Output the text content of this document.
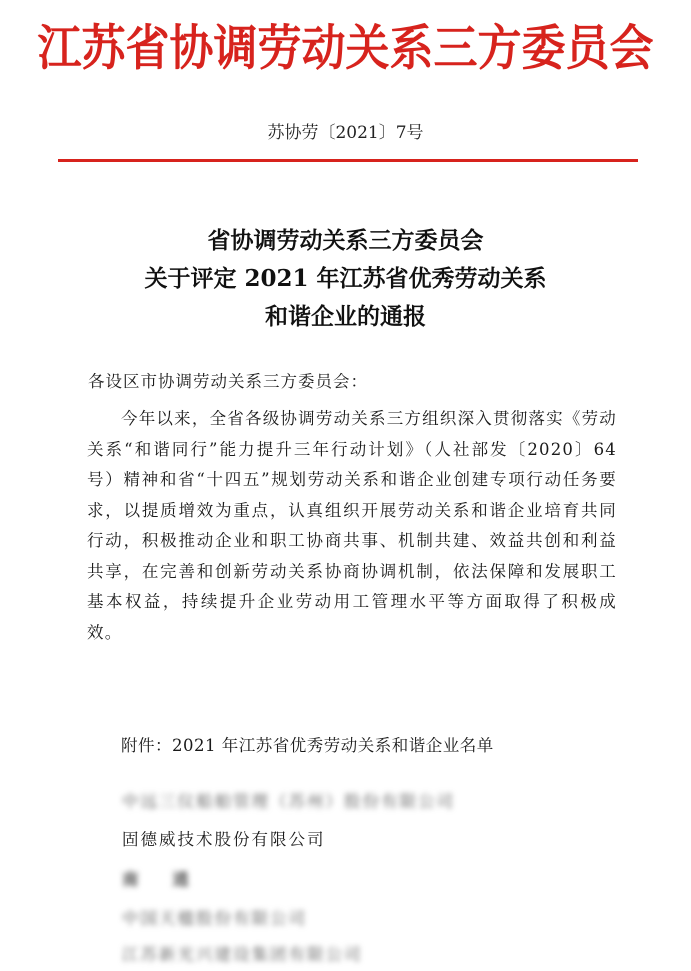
江苏省协调劳动关系三方委员会
苏协劳〔2021〕7号
省协调劳动关系三方委员会
关于评定 2021 年江苏省优秀劳动关系
和谐企业的通报
各设区市协调劳动关系三方委员会：
今年以来，全省各级协调劳动关系三方组织深入贯彻落实《劳动关系“和谐同行”能力提升三年行动计划》（人社部发〔2020〕64 号）精神和省“十四五”规划劳动关系和谐企业创建专项行动任务要求，以提质增效为重点，认真组织开展劳动关系和谐企业培育共同行动，积极推动企业和职工协商共事、机制共建、效益共创和利益共享，在完善和创新劳动关系协商协调机制，依法保障和发展职工基本权益，持续提升企业劳动用工管理水平等方面取得了积极成效。
附件：2021 年江苏省优秀劳动关系和谐企业名单
中远三仪船舶管理（苏州）股份有限公司
固德威技术股份有限公司
南 通
中国天楹股份有限公司
江苏新光兴建设集团有限公司
